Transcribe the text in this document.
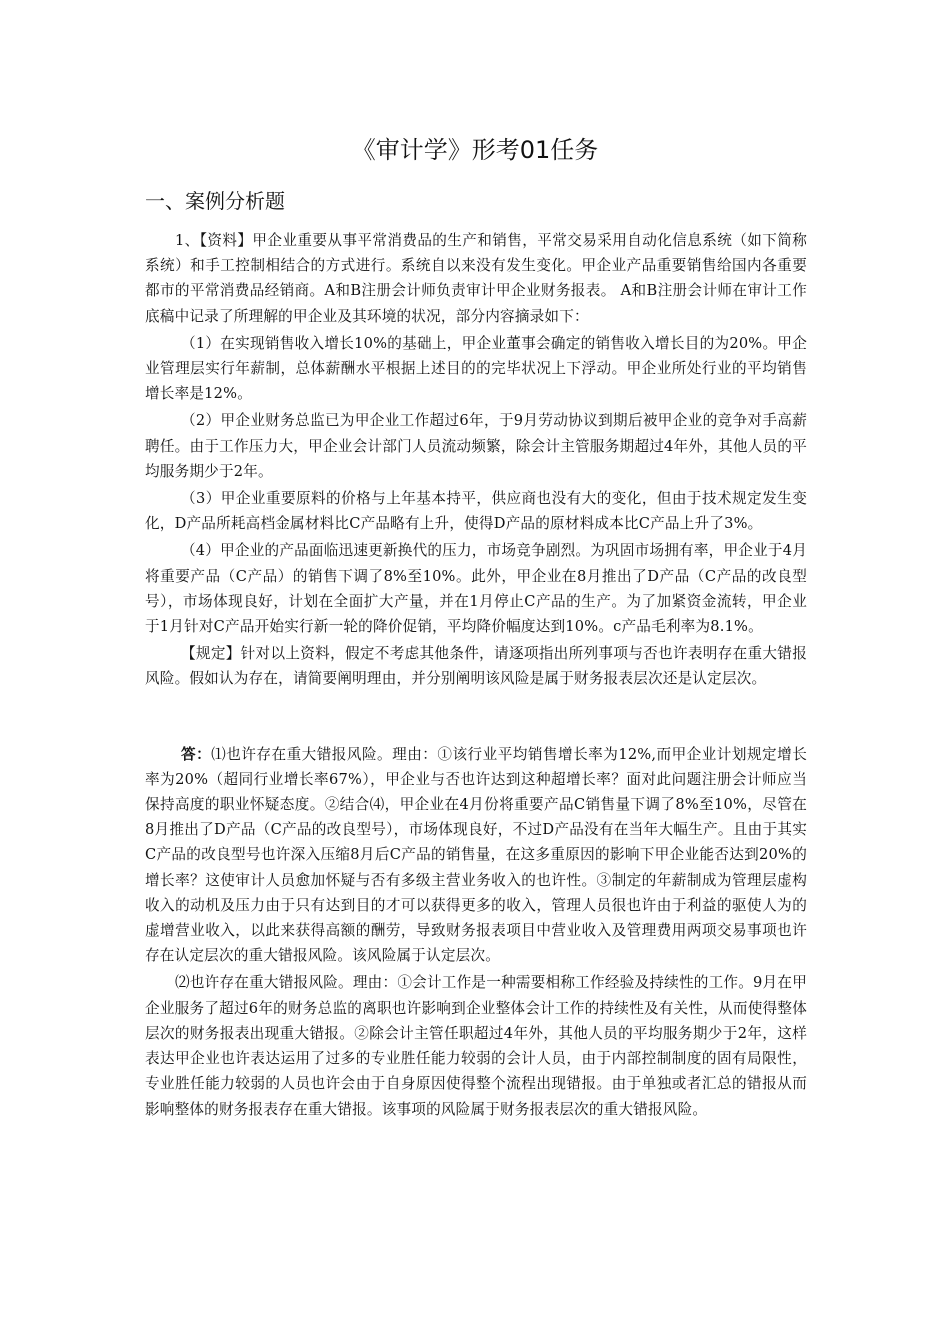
《审计学》形考01任务
一、案例分析题

1、【资料】甲企业重要从事平常消费品的生产和销售，平常交易采用自动化信息系统（如下简称系统）和手工控制相结合的方式进行。系统自以来没有发生变化。甲企业产品重要销售给国内各重要都市的平常消费品经销商。A和B注册会计师负责审计甲企业财务报表。 A和B注册会计师在审计工作底稿中记录了所理解的甲企业及其环境的状况，部分内容摘录如下：

（1）在实现销售收入增长10%的基础上，甲企业董事会确定的销售收入增长目的为20%。甲企业管理层实行年薪制，总体薪酬水平根据上述目的的完毕状况上下浮动。甲企业所处行业的平均销售增长率是12%。

（2）甲企业财务总监已为甲企业工作超过6年，于9月劳动协议到期后被甲企业的竞争对手高薪聘任。由于工作压力大，甲企业会计部门人员流动频繁，除会计主管服务期超过4年外，其他人员的平均服务期少于2年。

（3）甲企业重要原料的价格与上年基本持平，供应商也没有大的变化，但由于技术规定发生变化，D产品所耗高档金属材料比C产品略有上升，使得D产品的原材料成本比C产品上升了3%。

（4）甲企业的产品面临迅速更新换代的压力，市场竞争剧烈。为巩固市场拥有率，甲企业于4月将重要产品（C产品）的销售下调了8%至10%。此外，甲企业在8月推出了D产品（C产品的改良型号），市场体现良好，计划在全面扩大产量，并在1月停止C产品的生产。为了加紧资金流转，甲企业于1月针对C产品开始实行新一轮的降价促销，平均降价幅度达到10%。c产品毛利率为8.1%。

【规定】针对以上资料，假定不考虑其他条件，请逐项指出所列事项与否也许表明存在重大错报风险。假如认为存在，请简要阐明理由，并分别阐明该风险是属于财务报表层次还是认定层次。

答：⑴也许存在重大错报风险。理由：①该行业平均销售增长率为12%,而甲企业计划规定增长率为20%（超同行业增长率67%），甲企业与否也许达到这种超增长率？面对此问题注册会计师应当保持高度的职业怀疑态度。②结合⑷，甲企业在4月份将重要产品C销售量下调了8%至10%，尽管在8月推出了D产品（C产品的改良型号），市场体现良好，不过D产品没有在当年大幅生产。且由于其实C产品的改良型号也许深入压缩8月后C产品的销售量，在这多重原因的影响下甲企业能否达到20%的增长率？这使审计人员愈加怀疑与否有多级主营业务收入的也许性。③制定的年薪制成为管理层虚构收入的动机及压力由于只有达到目的才可以获得更多的收入，管理人员很也许由于利益的驱使人为的虚增营业收入，以此来获得高额的酬劳，导致财务报表项目中营业收入及管理费用两项交易事项也许存在认定层次的重大错报风险。该风险属于认定层次。

⑵也许存在重大错报风险。理由：①会计工作是一种需要相称工作经验及持续性的工作。9月在甲企业服务了超过6年的财务总监的离职也许影响到企业整体会计工作的持续性及有关性，从而使得整体层次的财务报表出现重大错报。②除会计主管任职超过4年外，其他人员的平均服务期少于2年，这样表达甲企业也许表达运用了过多的专业胜任能力较弱的会计人员，由于内部控制制度的固有局限性，专业胜任能力较弱的人员也许会由于自身原因使得整个流程出现错报。由于单独或者汇总的错报从而影响整体的财务报表存在重大错报。该事项的风险属于财务报表层次的重大错报风险。
